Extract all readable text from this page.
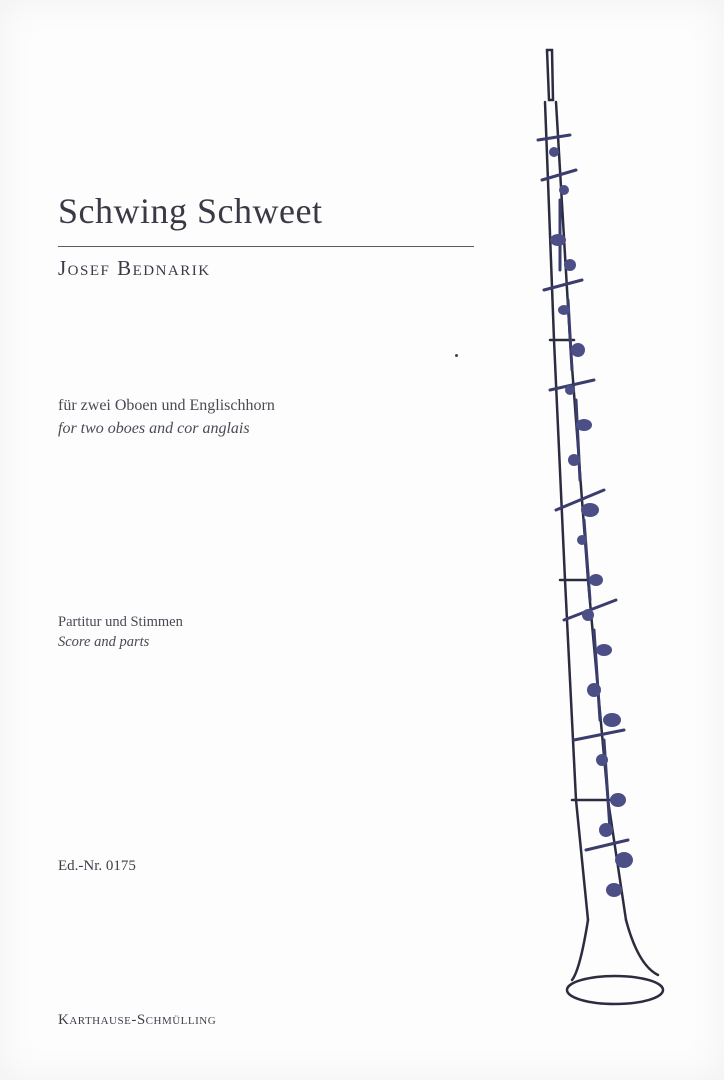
Schwing Schweet
Josef Bednarik
für zwei Oboen und Englischhorn
for two oboes and cor anglais
Partitur und Stimmen
Score and parts
Ed.-Nr. 0175
Karthause-Schmülling
